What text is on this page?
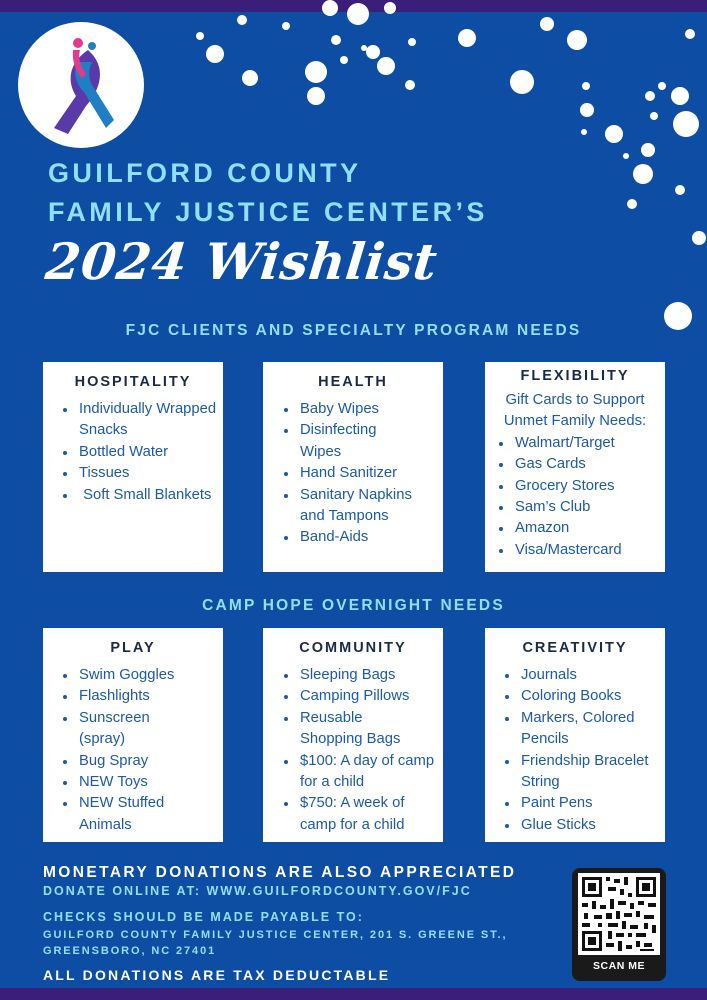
GUILFORD COUNTY
FAMILY JUSTICE CENTER’S
2024 Wishlist
FJC CLIENTS AND SPECIALTY PROGRAM NEEDS
HOSPITALITY
Individually Wrapped Snacks
Bottled Water
Tissues
Soft Small Blankets
HEALTH
Baby Wipes
Disinfecting Wipes
Hand Sanitizer
Sanitary Napkins and Tampons
Band-Aids
FLEXIBILITY
Gift Cards to Support Unmet Family Needs:
Walmart/Target
Gas Cards
Grocery Stores
Sam’s Club
Amazon
Visa/Mastercard
CAMP HOPE OVERNIGHT NEEDS
PLAY
Swim Goggles
Flashlights
Sunscreen (spray)
Bug Spray
NEW Toys
NEW Stuffed Animals
COMMUNITY
Sleeping Bags
Camping Pillows
Reusable Shopping Bags
$100: A day of camp for a child
$750: A week of camp for a child
CREATIVITY
Journals
Coloring Books
Markers, Colored Pencils
Friendship Bracelet String
Paint Pens
Glue Sticks
MONETARY DONATIONS ARE ALSO APPRECIATED
DONATE ONLINE AT: WWW.GUILFORDCOUNTY.GOV/FJC
CHECKS SHOULD BE MADE PAYABLE TO:
GUILFORD COUNTY FAMILY JUSTICE CENTER, 201 S. GREENE ST.,
GREENSBORO, NC 27401
ALL DONATIONS ARE TAX DEDUCTABLE
SCAN ME
